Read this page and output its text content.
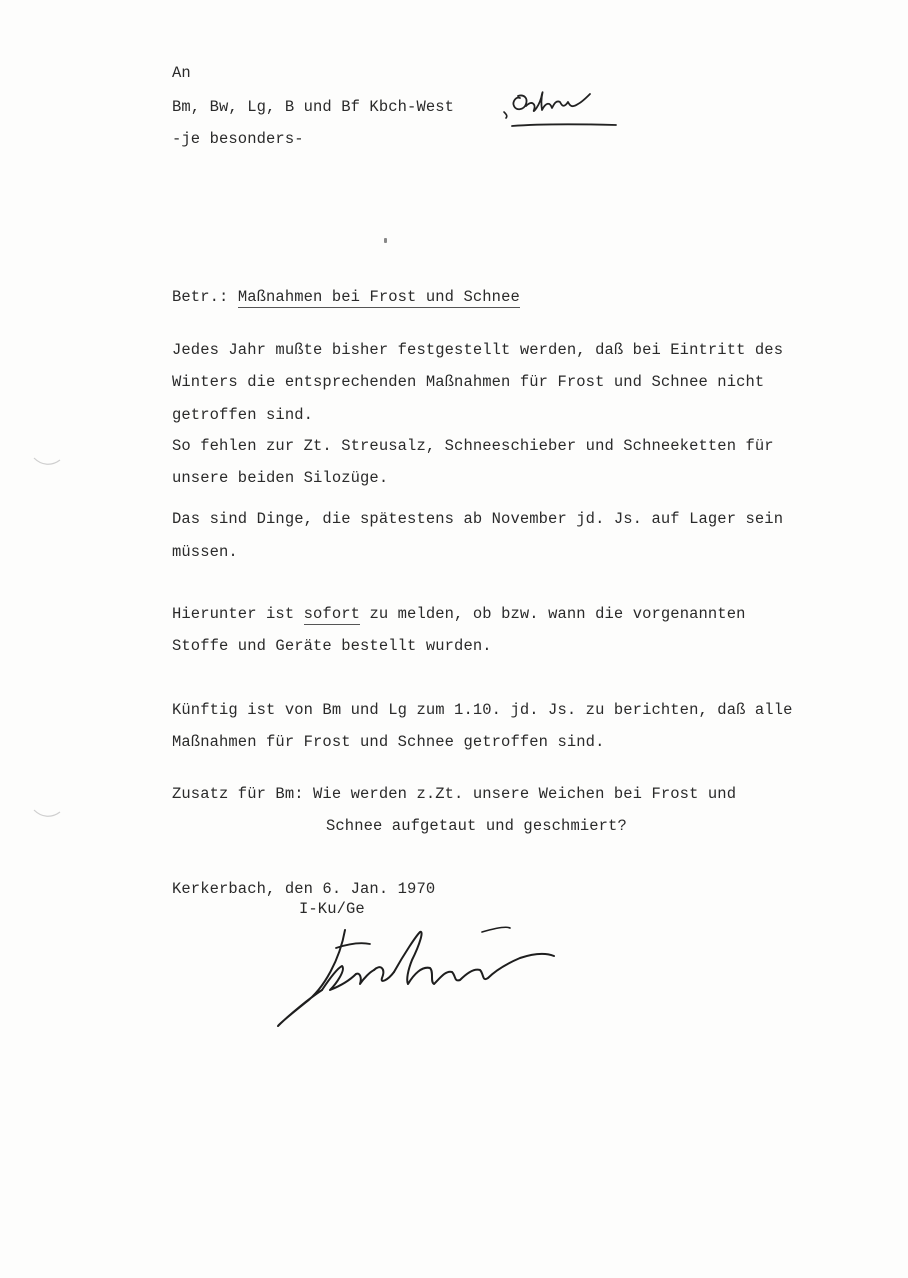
An
Bm, Bw, Lg, B und Bf Kbch-West
-je besonders-
Betr.: Maßnahmen bei Frost und Schnee
Jedes Jahr mußte bisher festgestellt werden, daß bei Eintritt des
Winters die entsprechenden Maßnahmen für Frost und Schnee nicht
getroffen sind.
So fehlen zur Zt. Streusalz, Schneeschieber und Schneeketten für
unsere beiden Silozüge.
Das sind Dinge, die spätestens ab November jd. Js. auf Lager sein
müssen.
Hierunter ist sofort zu melden, ob bzw. wann die vorgenannten
Stoffe und Geräte bestellt wurden.
Künftig ist von Bm und Lg zum 1.10. jd. Js. zu berichten, daß alle
Maßnahmen für Frost und Schnee getroffen sind.
Zusatz für Bm: Wie werden z.Zt. unsere Weichen bei Frost und
Schnee aufgetaut und geschmiert?
Kerkerbach, den 6. Jan. 1970
I-Ku/Ge
